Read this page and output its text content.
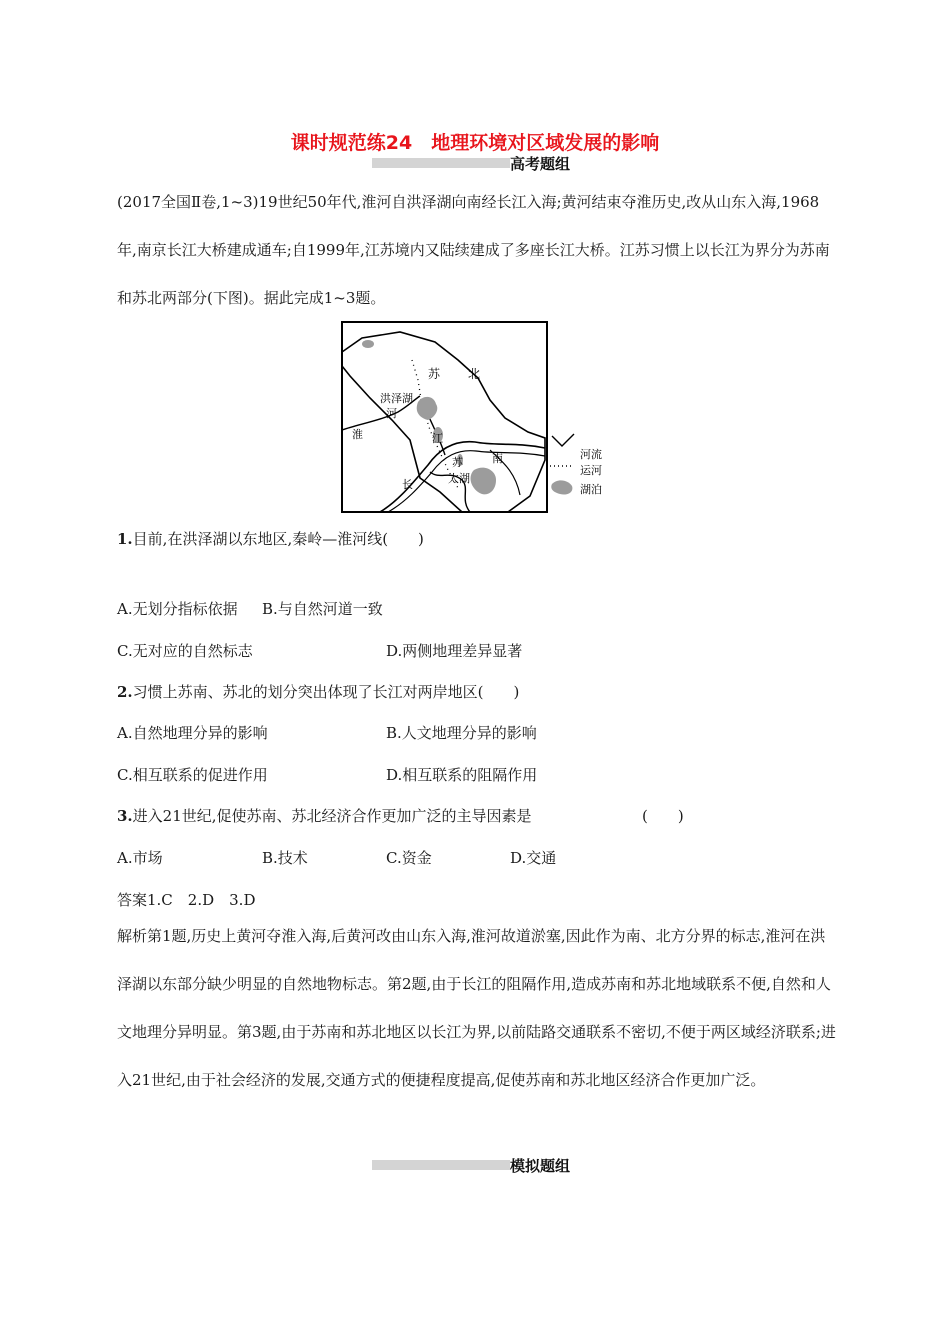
课时规范练24　地理环境对区域发展的影响
高考题组
(2017全国Ⅱ卷,1~3)19世纪50年代,淮河自洪泽湖向南经长江入海;黄河结束夺淮历史,改从山东入海,1968年,南京长江大桥建成通车;自1999年,江苏境内又陆续建成了多座长江大桥。江苏习惯上以长江为界分为苏南和苏北两部分(下图)。据此完成1~3题。
苏 北
洪泽湖
河
淮	江
长
苏	南
太湖
河流
运河
湖泊
1.目前,在洪泽湖以东地区,秦岭—淮河线(　　)
A.无划分指标依据 B.与自然河道一致
C.无对应的自然标志	D.两侧地理差异显著
2.习惯上苏南、苏北的划分突出体现了长江对两岸地区(　　)
A.自然地理分异的影响	B.人文地理分异的影响
C.相互联系的促进作用	D.相互联系的阻隔作用
3.进入21世纪,促使苏南、苏北经济合作更加广泛的主导因素是	(　　)
A.市场	B.技术	C.资金	D.交通
答案1.C　2.D　3.D
解析第1题,历史上黄河夺淮入海,后黄河改由山东入海,淮河故道淤塞,因此作为南、北方分界的标志,淮河在洪泽湖以东部分缺少明显的自然地物标志。第2题,由于长江的阻隔作用,造成苏南和苏北地域联系不便,自然和人文地理分异明显。第3题,由于苏南和苏北地区以长江为界,以前陆路交通联系不密切,不便于两区域经济联系;进入21世纪,由于社会经济的发展,交通方式的便捷程度提高,促使苏南和苏北地区经济合作更加广泛。
模拟题组
